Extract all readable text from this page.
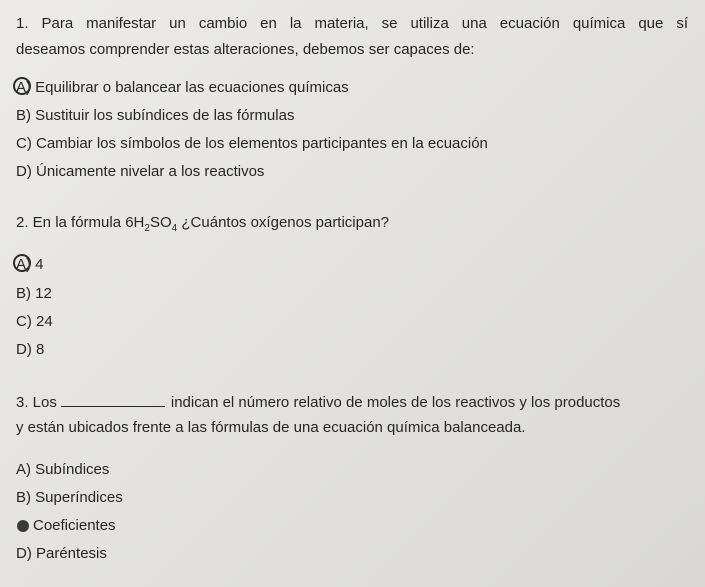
1. Para manifestar un cambio en la materia, se utiliza una ecuación química que sí
deseamos comprender estas alteraciones, debemos ser capaces de:
A) Equilibrar o balancear las ecuaciones químicas
B) Sustituir los subíndices de las fórmulas
C) Cambiar los símbolos de los elementos participantes en la ecuación
D) Únicamente nivelar a los reactivos
2. En la fórmula $6H_2SO_4$ ¿Cuántos oxígenos participan?
A) 4
B) 12
C) 24
D) 8
3. Los	indican el número relativo de moles de los reactivos y los productos
y están ubicados frente a las fórmulas de una ecuación química balanceada.
A) Subíndices
B) Superíndices
Coeficientes
D) Paréntesis
